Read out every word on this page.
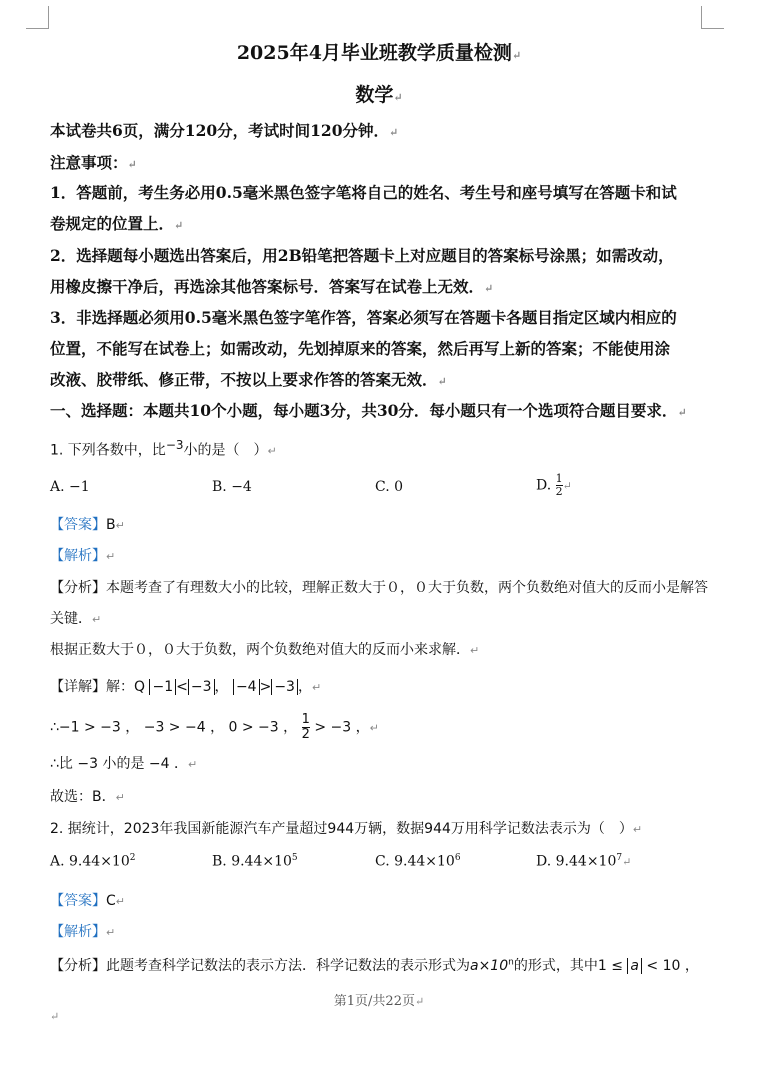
2025年4月毕业班教学质量检测↵
数学↵
本试卷共6页，满分120分，考试时间120分钟．↵
注意事项：↵
1．答题前，考生务必用0.5毫米黑色签字笔将自己的姓名、考生号和座号填写在答题卡和试
卷规定的位置上．↵
2．选择题每小题选出答案后，用2B铅笔把答题卡上对应题目的答案标号涂黑；如需改动，
用橡皮擦干净后，再选涂其他答案标号．答案写在试卷上无效．↵
3．非选择题必须用0.5毫米黑色签字笔作答，答案必须写在答题卡各题目指定区域内相应的
位置，不能写在试卷上；如需改动，先划掉原来的答案，然后再写上新的答案；不能使用涂
改液、胶带纸、修正带，不按以上要求作答的答案无效．↵
一、选择题：本题共10个小题，每小题3分，共30分．每小题只有一个选项符合题目要求．↵
1. 下列各数中，比$^{-3}$小的是（　）↵
A. −1	B. −4	C. 0	D. $\frac{1}{2}$ ↵
【答案】B↵
【解析】↵
【分析】本题考查了有理数大小的比较，理解正数大于０，０大于负数，两个负数绝对值大的反而小是解答
关键．↵
根据正数大于０，０大于负数，两个负数绝对值大的反而小来求解．↵
【详解】解：Q −1 < −3 ， −4 > −3 ，↵
∴−1 > −3 ， −3 > −4 ， 0 > −3 ， $\frac{1}{2} > -3$ ，↵
∴比 −3 小的是 −4 ．↵
故选：B．↵
2. 据统计，2023年我国新能源汽车产量超过944万辆，数据944万用科学记数法表示为（　）↵
A. $9.44\times 10^2$	B. $9.44\times 10^5$	C. $9.44\times 10^6$	D. $9.44\times 10^7↵$
【答案】C↵
【解析】↵
【分析】此题考查科学记数法的表示方法．科学记数法的表示形式为$a\times 10^n$的形式，其中1 ≤ a < 10 ，
第1页/共22页↵
↵
